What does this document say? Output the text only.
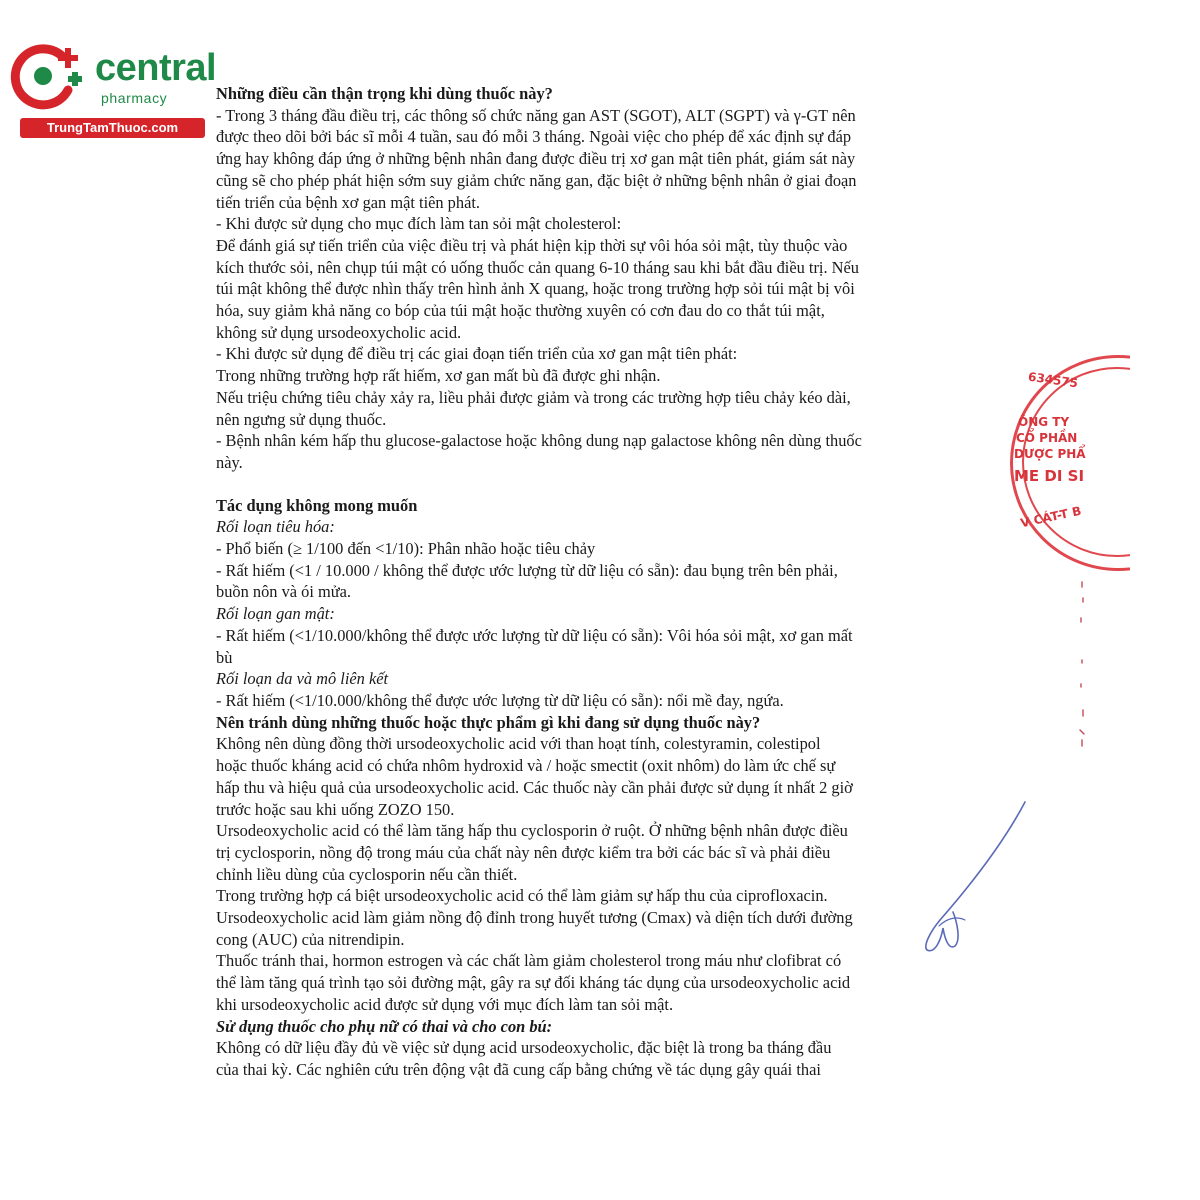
central
pharmacy
TrungTamThuoc.com

Những điều cần thận trọng khi dùng thuốc này?

- Trong 3 tháng đầu điều trị, các thông số chức năng gan AST (SGOT), ALT (SGPT) và γ-GT nên

được theo dõi bởi bác sĩ mỗi 4 tuần, sau đó mỗi 3 tháng. Ngoài việc cho phép để xác định sự đáp

ứng hay không đáp ứng ở những bệnh nhân đang được điều trị xơ gan mật tiên phát, giám sát này

cũng sẽ cho phép phát hiện sớm suy giảm chức năng gan, đặc biệt ở những bệnh nhân ở giai đoạn

tiến triển của bệnh xơ gan mật tiên phát.

- Khi được sử dụng cho mục đích làm tan sỏi mật cholesterol:

Để đánh giá sự tiến triển của việc điều trị và phát hiện kịp thời sự vôi hóa sỏi mật, tùy thuộc vào

kích thước sỏi, nên chụp túi mật có uống thuốc cản quang 6-10 tháng sau khi bắt đầu điều trị. Nếu

túi mật không thể được nhìn thấy trên hình ảnh X quang, hoặc trong trường hợp sỏi túi mật bị vôi

hóa, suy giảm khả năng co bóp của túi mật hoặc thường xuyên có cơn đau do co thắt túi mật,

không sử dụng ursodeoxycholic acid.

- Khi được sử dụng để điều trị các giai đoạn tiến triển của xơ gan mật tiên phát:

Trong những trường hợp rất hiếm, xơ gan mất bù đã được ghi nhận.

Nếu triệu chứng tiêu chảy xảy ra, liều phải được giảm và trong các trường hợp tiêu chảy kéo dài,

nên ngưng sử dụng thuốc.

- Bệnh nhân kém hấp thu glucose-galactose hoặc không dung nạp galactose không nên dùng thuốc

này.

Tác dụng không mong muốn

Rối loạn tiêu hóa:

- Phổ biến (≥ 1/100 đến <1/10): Phân nhão hoặc tiêu chảy

- Rất hiếm (<1 / 10.000 / không thể được ước lượng từ dữ liệu có sẵn): đau bụng trên bên phải,

buồn nôn và ói mửa.

Rối loạn gan mật:

- Rất hiếm (<1/10.000/không thể được ước lượng từ dữ liệu có sẵn): Vôi hóa sỏi mật, xơ gan mất

bù

Rối loạn da và mô liên kết

- Rất hiếm (<1/10.000/không thể được ước lượng từ dữ liệu có sẵn): nổi mề đay, ngứa.

Nên tránh dùng những thuốc hoặc thực phẩm gì khi đang sử dụng thuốc này?

Không nên dùng đồng thời ursodeoxycholic acid với than hoạt tính, colestyramin, colestipol

hoặc thuốc kháng acid có chứa nhôm hydroxid và / hoặc smectit (oxit nhôm) do làm ức chế sự

hấp thu và hiệu quả của ursodeoxycholic acid. Các thuốc này cần phải được sử dụng ít nhất 2 giờ

trước hoặc sau khi uống ZOZO 150.

Ursodeoxycholic acid có thể làm tăng hấp thu cyclosporin ở ruột. Ở những bệnh nhân được điều

trị cyclosporin, nồng độ trong máu của chất này nên được kiểm tra bởi các bác sĩ và phải điều

chỉnh liều dùng của cyclosporin nếu cần thiết.

Trong trường hợp cá biệt ursodeoxycholic acid có thể làm giảm sự hấp thu của ciprofloxacin.

Ursodeoxycholic acid làm giảm nồng độ đỉnh trong huyết tương (Cmax) và diện tích dưới đường

cong (AUC) của nitrendipin.

Thuốc tránh thai, hormon estrogen và các chất làm giảm cholesterol trong máu như clofibrat có

thể làm tăng quá trình tạo sỏi đường mật, gây ra sự đối kháng tác dụng của ursodeoxycholic acid

khi ursodeoxycholic acid được sử dụng với mục đích làm tan sỏi mật.

Sử dụng thuốc cho phụ nữ có thai và cho con bú:

Không có dữ liệu đầy đủ về việc sử dụng acid ursodeoxycholic, đặc biệt là trong ba tháng đầu

của thai kỳ. Các nghiên cứu trên động vật đã cung cấp bằng chứng về tác dụng gây quái thai

634575
ÔNG TY
CỔ PHẦN
DƯỢC PHẨ
ME DI SI
V CÁT-T B
